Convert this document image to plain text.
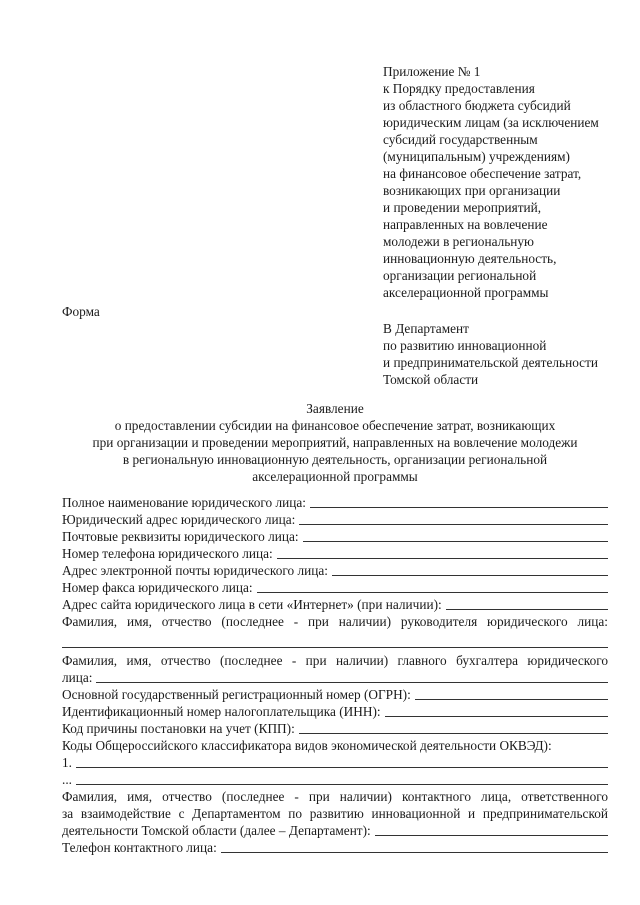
Приложение № 1
к Порядку предоставления
из областного бюджета субсидий
юридическим лицам (за исключением
субсидий государственным
(муниципальным) учреждениям)
на финансовое обеспечение затрат,
возникающих при организации
и проведении мероприятий,
направленных на вовлечение
молодежи в региональную
инновационную деятельность,
организации региональной
акселерационной программы
Форма
В Департамент
по развитию инновационной
и предпринимательской деятельности
Томской области
Заявление
о предоставлении субсидии на финансовое обеспечение затрат, возникающих
при организации и проведении мероприятий, направленных на вовлечение молодежи
в региональную инновационную деятельность, организации региональной
акселерационной программы
Полное наименование юридического лица:
Юридический адрес юридического лица:
Почтовые реквизиты юридического лица:
Номер телефона юридического лица:
Адрес электронной почты юридического лица:
Номер факса юридического лица:
Адрес сайта юридического лица в сети «Интернет» (при наличии):
Фамилия, имя, отчество (последнее - при наличии) руководителя юридического лица:
Фамилия, имя, отчество (последнее - при наличии) главного бухгалтера юридического
лица:
Основной государственный регистрационный номер (ОГРН):
Идентификационный номер налогоплательщика (ИНН):
Код причины постановки на учет (КПП):
Коды Общероссийского классификатора видов экономической деятельности ОКВЭД):
1.
...
Фамилия, имя, отчество (последнее - при наличии) контактного лица, ответственного
за взаимодействие с Департаментом по развитию инновационной и предпринимательской
деятельности Томской области (далее – Департамент):
Телефон контактного лица:
